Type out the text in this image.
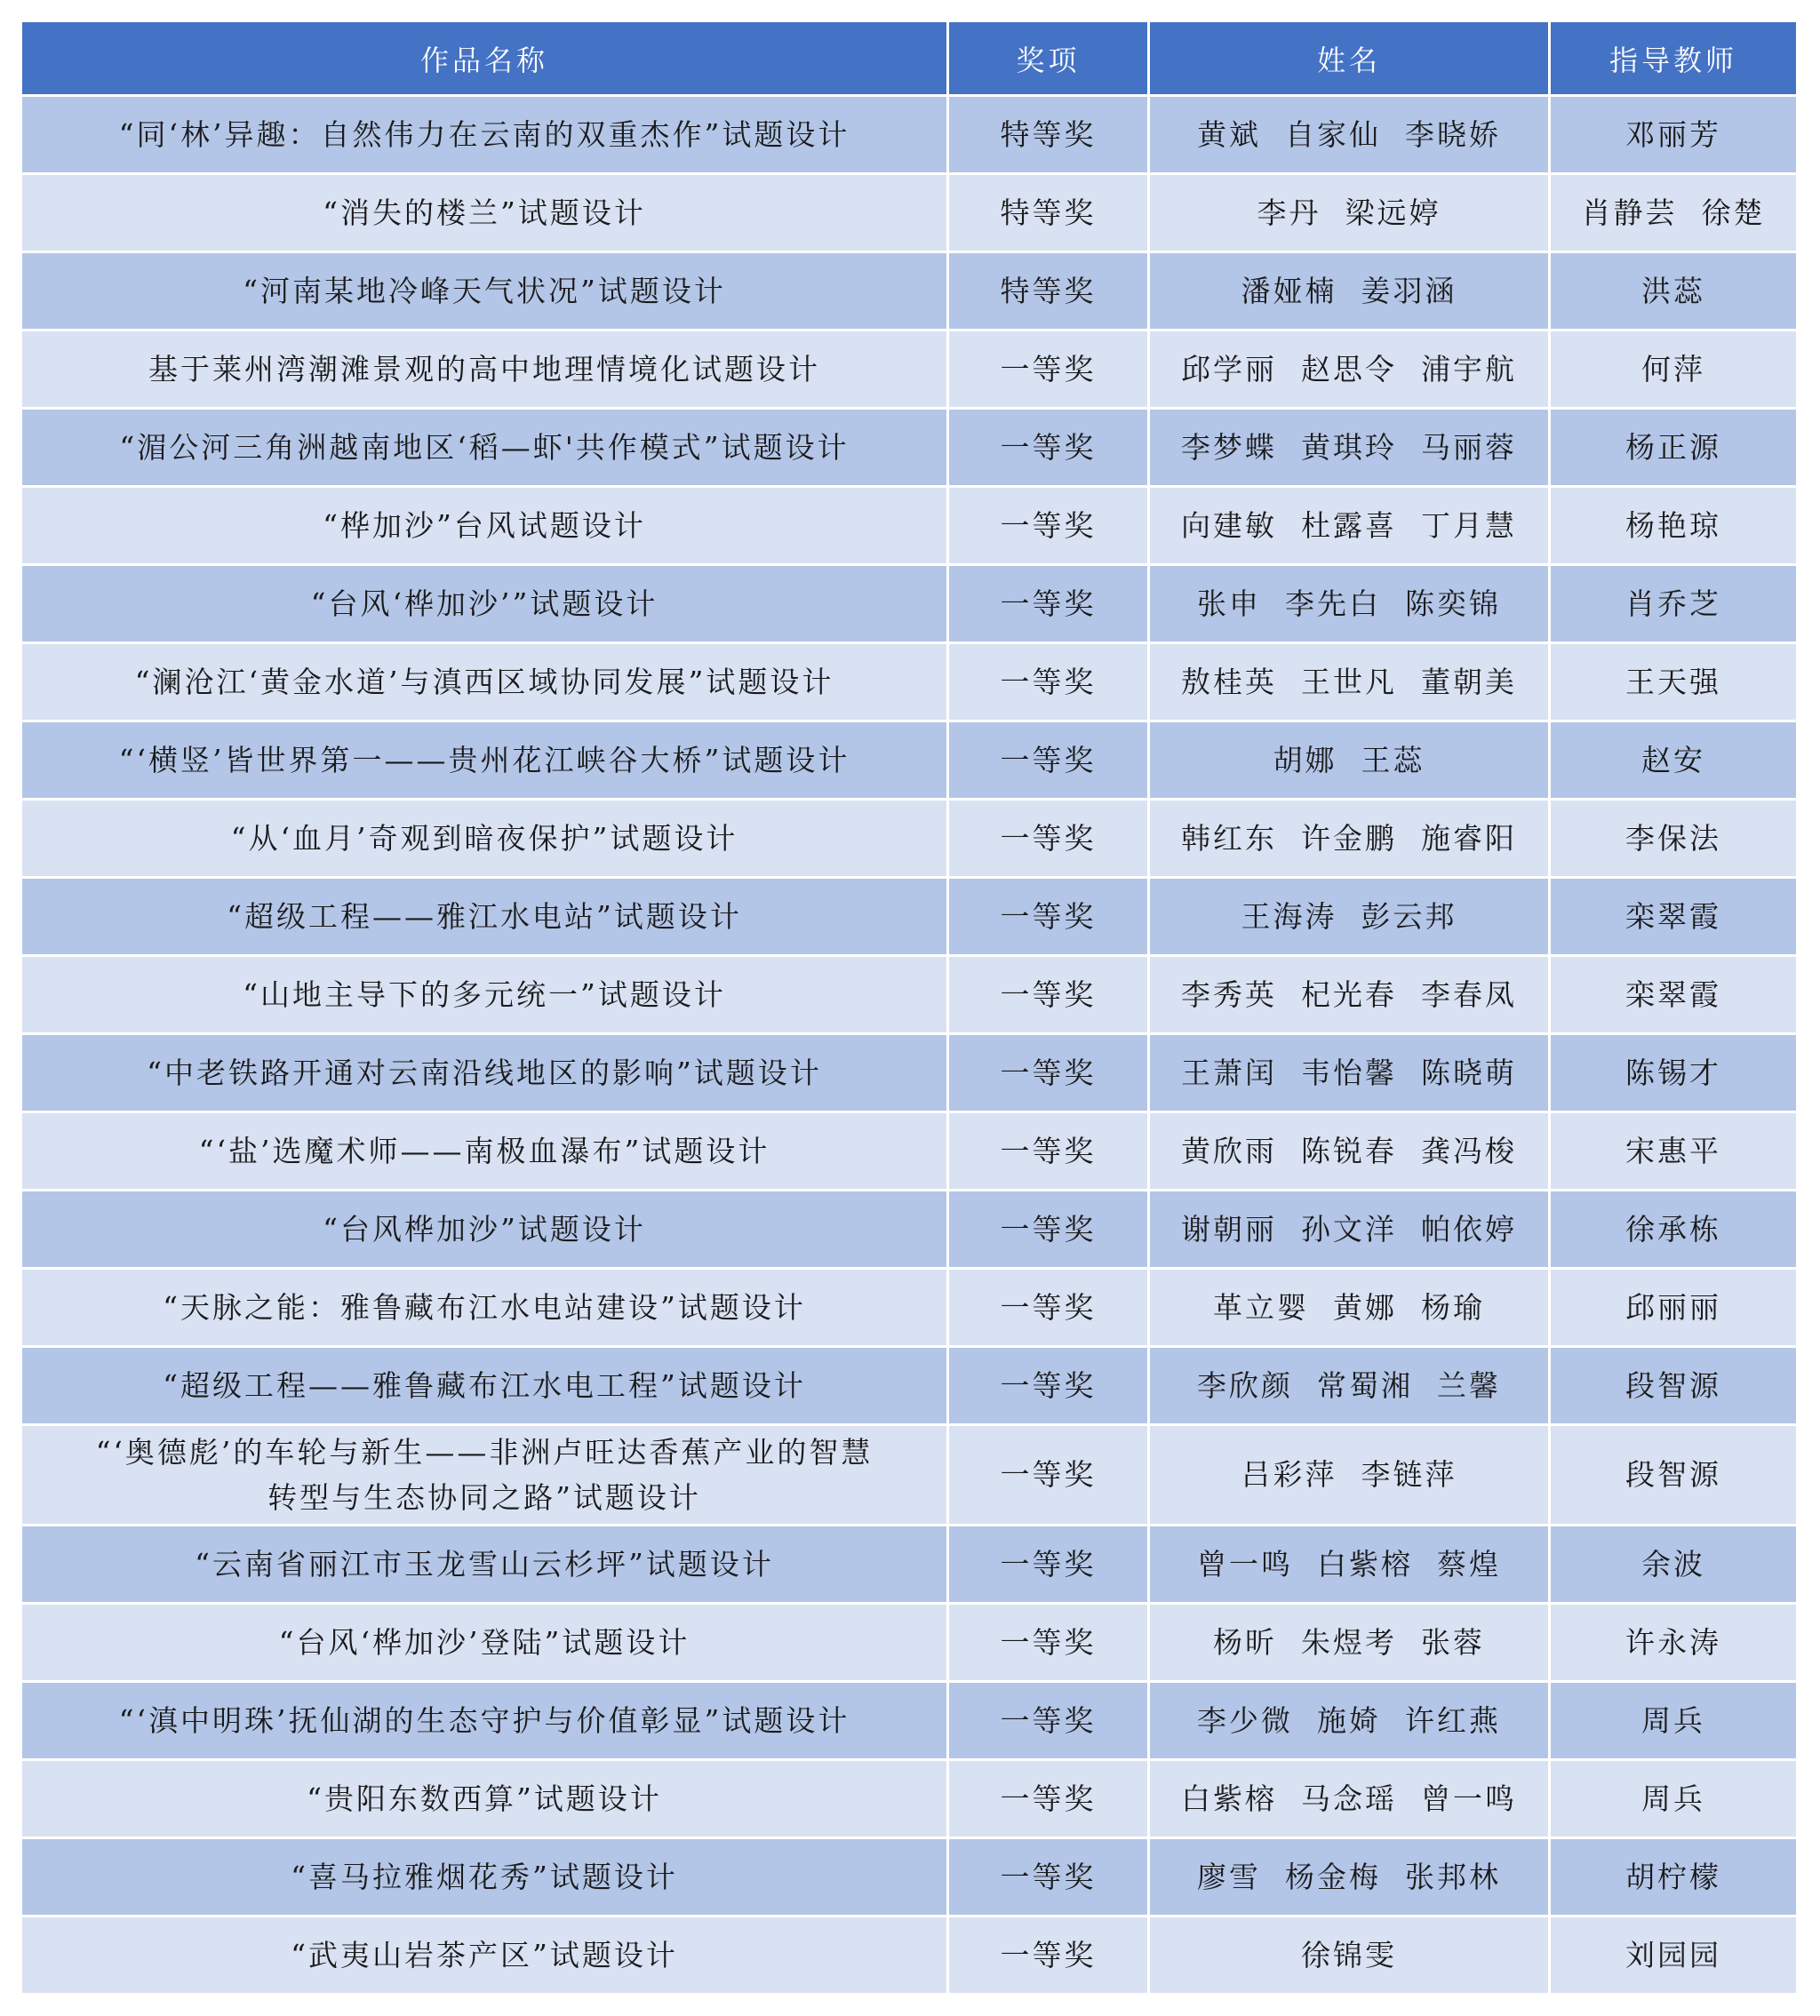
作品名称	奖项	姓名	指导教师
“同‘林’异趣：自然伟力在云南的双重杰作”试题设计	特等奖	黄斌  自家仙  李晓娇	邓丽芳
“消失的楼兰”试题设计	特等奖	李丹  梁远婷	肖静芸  徐楚
“河南某地冷峰天气状况”试题设计	特等奖	潘娅楠  姜羽涵	洪蕊
基于莱州湾潮滩景观的高中地理情境化试题设计	一等奖	邱学丽  赵思令  浦宇航	何萍
“湄公河三角洲越南地区‘稻—虾'共作模式”试题设计	一等奖	李梦蝶  黄琪玲  马丽蓉	杨正源
“桦加沙”台风试题设计	一等奖	向建敏  杜露喜  丁月慧	杨艳琼
“台风‘桦加沙’”试题设计	一等奖	张申  李先白  陈奕锦	肖乔芝
“澜沧江‘黄金水道’与滇西区域协同发展”试题设计	一等奖	敖桂英  王世凡  董朝美	王天强
“‘横竖’皆世界第一——贵州花江峡谷大桥”试题设计	一等奖	胡娜  王蕊	赵安
“从‘血月’奇观到暗夜保护”试题设计	一等奖	韩红东  许金鹏  施睿阳	李保法
“超级工程——雅江水电站”试题设计	一等奖	王海涛  彭云邦	栾翠霞
“山地主导下的多元统一”试题设计	一等奖	李秀英  杞光春  李春凤	栾翠霞
“中老铁路开通对云南沿线地区的影响”试题设计	一等奖	王萧闰  韦怡馨  陈晓萌	陈锡才
“‘盐’选魔术师——南极血瀑布”试题设计	一等奖	黄欣雨  陈锐春  龚冯梭	宋惠平
“台风桦加沙”试题设计	一等奖	谢朝丽  孙文洋  帕依婷	徐承栋
“天脉之能：雅鲁藏布江水电站建设”试题设计	一等奖	革立婴  黄娜  杨瑜	邱丽丽
“超级工程——雅鲁藏布江水电工程”试题设计	一等奖	李欣颜  常蜀湘  兰馨	段智源
“‘奥德彪’的车轮与新生——非洲卢旺达香蕉产业的智慧
转型与生态协同之路”试题设计	一等奖	吕彩萍  李链萍	段智源
“云南省丽江市玉龙雪山云杉坪”试题设计	一等奖	曾一鸣  白紫榕  蔡煌	余波
“台风‘桦加沙’登陆”试题设计	一等奖	杨昕  朱煜考  张蓉	许永涛
“‘滇中明珠’抚仙湖的生态守护与价值彰显”试题设计	一等奖	李少微  施婍  许红燕	周兵
“贵阳东数西算”试题设计	一等奖	白紫榕  马念瑶  曾一鸣	周兵
“喜马拉雅烟花秀”试题设计	一等奖	廖雪  杨金梅  张邦林	胡柠檬
“武夷山岩茶产区”试题设计	一等奖	徐锦雯	刘园园
